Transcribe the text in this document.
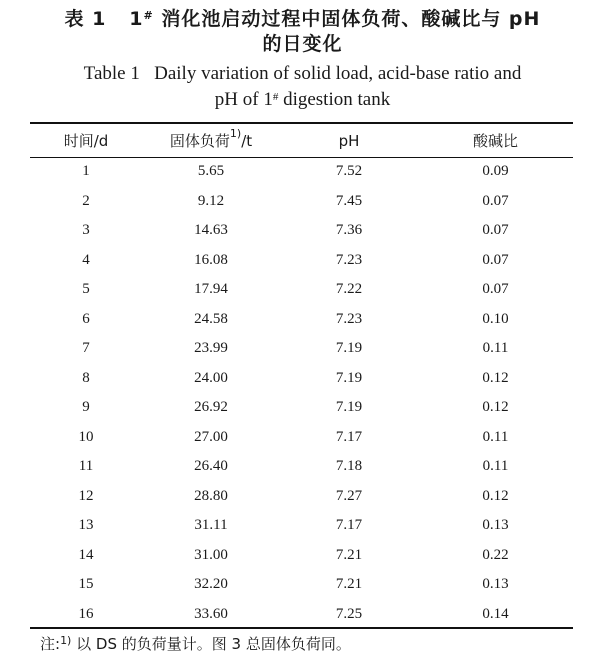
表 1 1# 消化池启动过程中固体负荷、酸碱比与 pH
的日变化
Table 1 Daily variation of solid load, acid-base ratio and
pH of 1# digestion tank
时间/d	固体负荷$^{1)}$/t	pH	酸碱比
1	5.65	7.52	0.09
2	9.12	7.45	0.07
3	14.63	7.36	0.07
4	16.08	7.23	0.07
5	17.94	7.22	0.07
6	24.58	7.23	0.10
7	23.99	7.19	0.11
8	24.00	7.19	0.12
9	26.92	7.19	0.12
10	27.00	7.17	0.11
11	26.40	7.18	0.11
12	28.80	7.27	0.12
13	31.11	7.17	0.13
14	31.00	7.21	0.22
15	32.20	7.21	0.13
16	33.60	7.25	0.14
注:$^{1)}$ 以 DS 的负荷量计。图 3 总固体负荷同。
